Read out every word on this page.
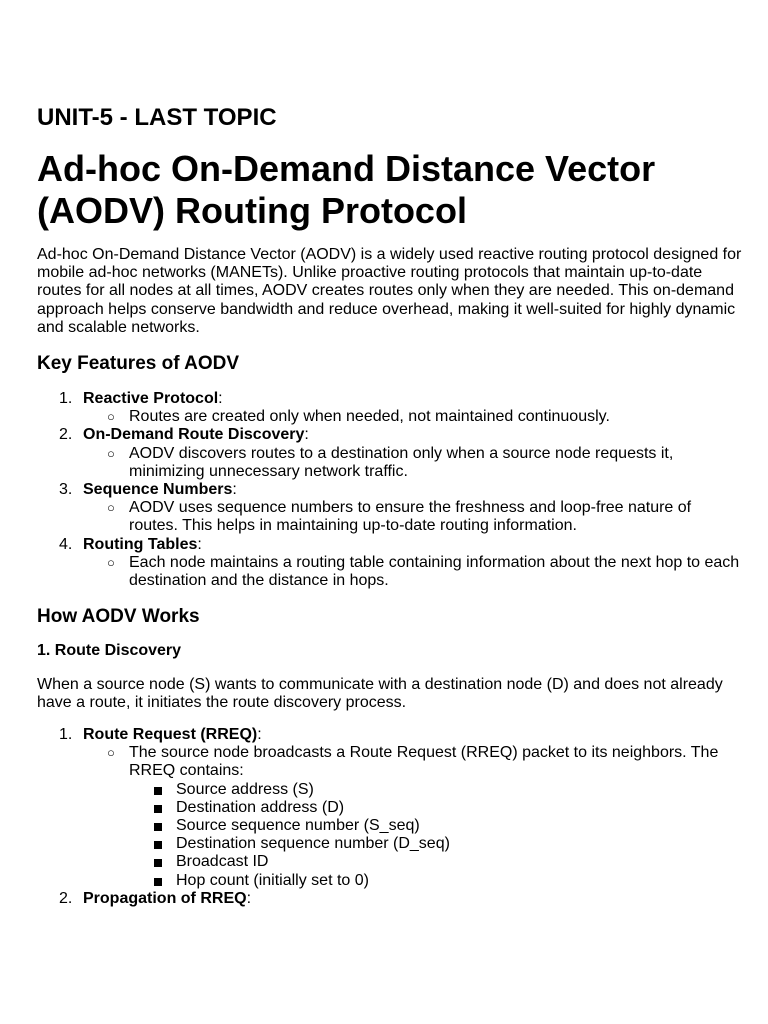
UNIT-5 - LAST TOPIC
Ad-hoc On-Demand Distance Vector (AODV) Routing Protocol

Ad-hoc On-Demand Distance Vector (AODV) is a widely used reactive routing protocol designed for mobile ad-hoc networks (MANETs). Unlike proactive routing protocols that maintain up-to-date routes for all nodes at all times, AODV creates routes only when they are needed. This on-demand approach helps conserve bandwidth and reduce overhead, making it well-suited for highly dynamic and scalable networks.

Key Features of AODV
1. Reactive Protocol:
○ Routes are created only when needed, not maintained continuously.
2. On-Demand Route Discovery:
○ AODV discovers routes to a destination only when a source node requests it, minimizing unnecessary network traffic.
3. Sequence Numbers:
○ AODV uses sequence numbers to ensure the freshness and loop-free nature of routes. This helps in maintaining up-to-date routing information.
4. Routing Tables:
○ Each node maintains a routing table containing information about the next hop to each destination and the distance in hops.
How AODV Works
1. Route Discovery

When a source node (S) wants to communicate with a destination node (D) and does not already have a route, it initiates the route discovery process.

1. Route Request (RREQ):
○ The source node broadcasts a Route Request (RREQ) packet to its neighbors. The RREQ contains:
Source address (S)
Destination address (D)
Source sequence number (S_seq)
Destination sequence number (D_seq)
Broadcast ID
Hop count (initially set to 0)
2. Propagation of RREQ:
